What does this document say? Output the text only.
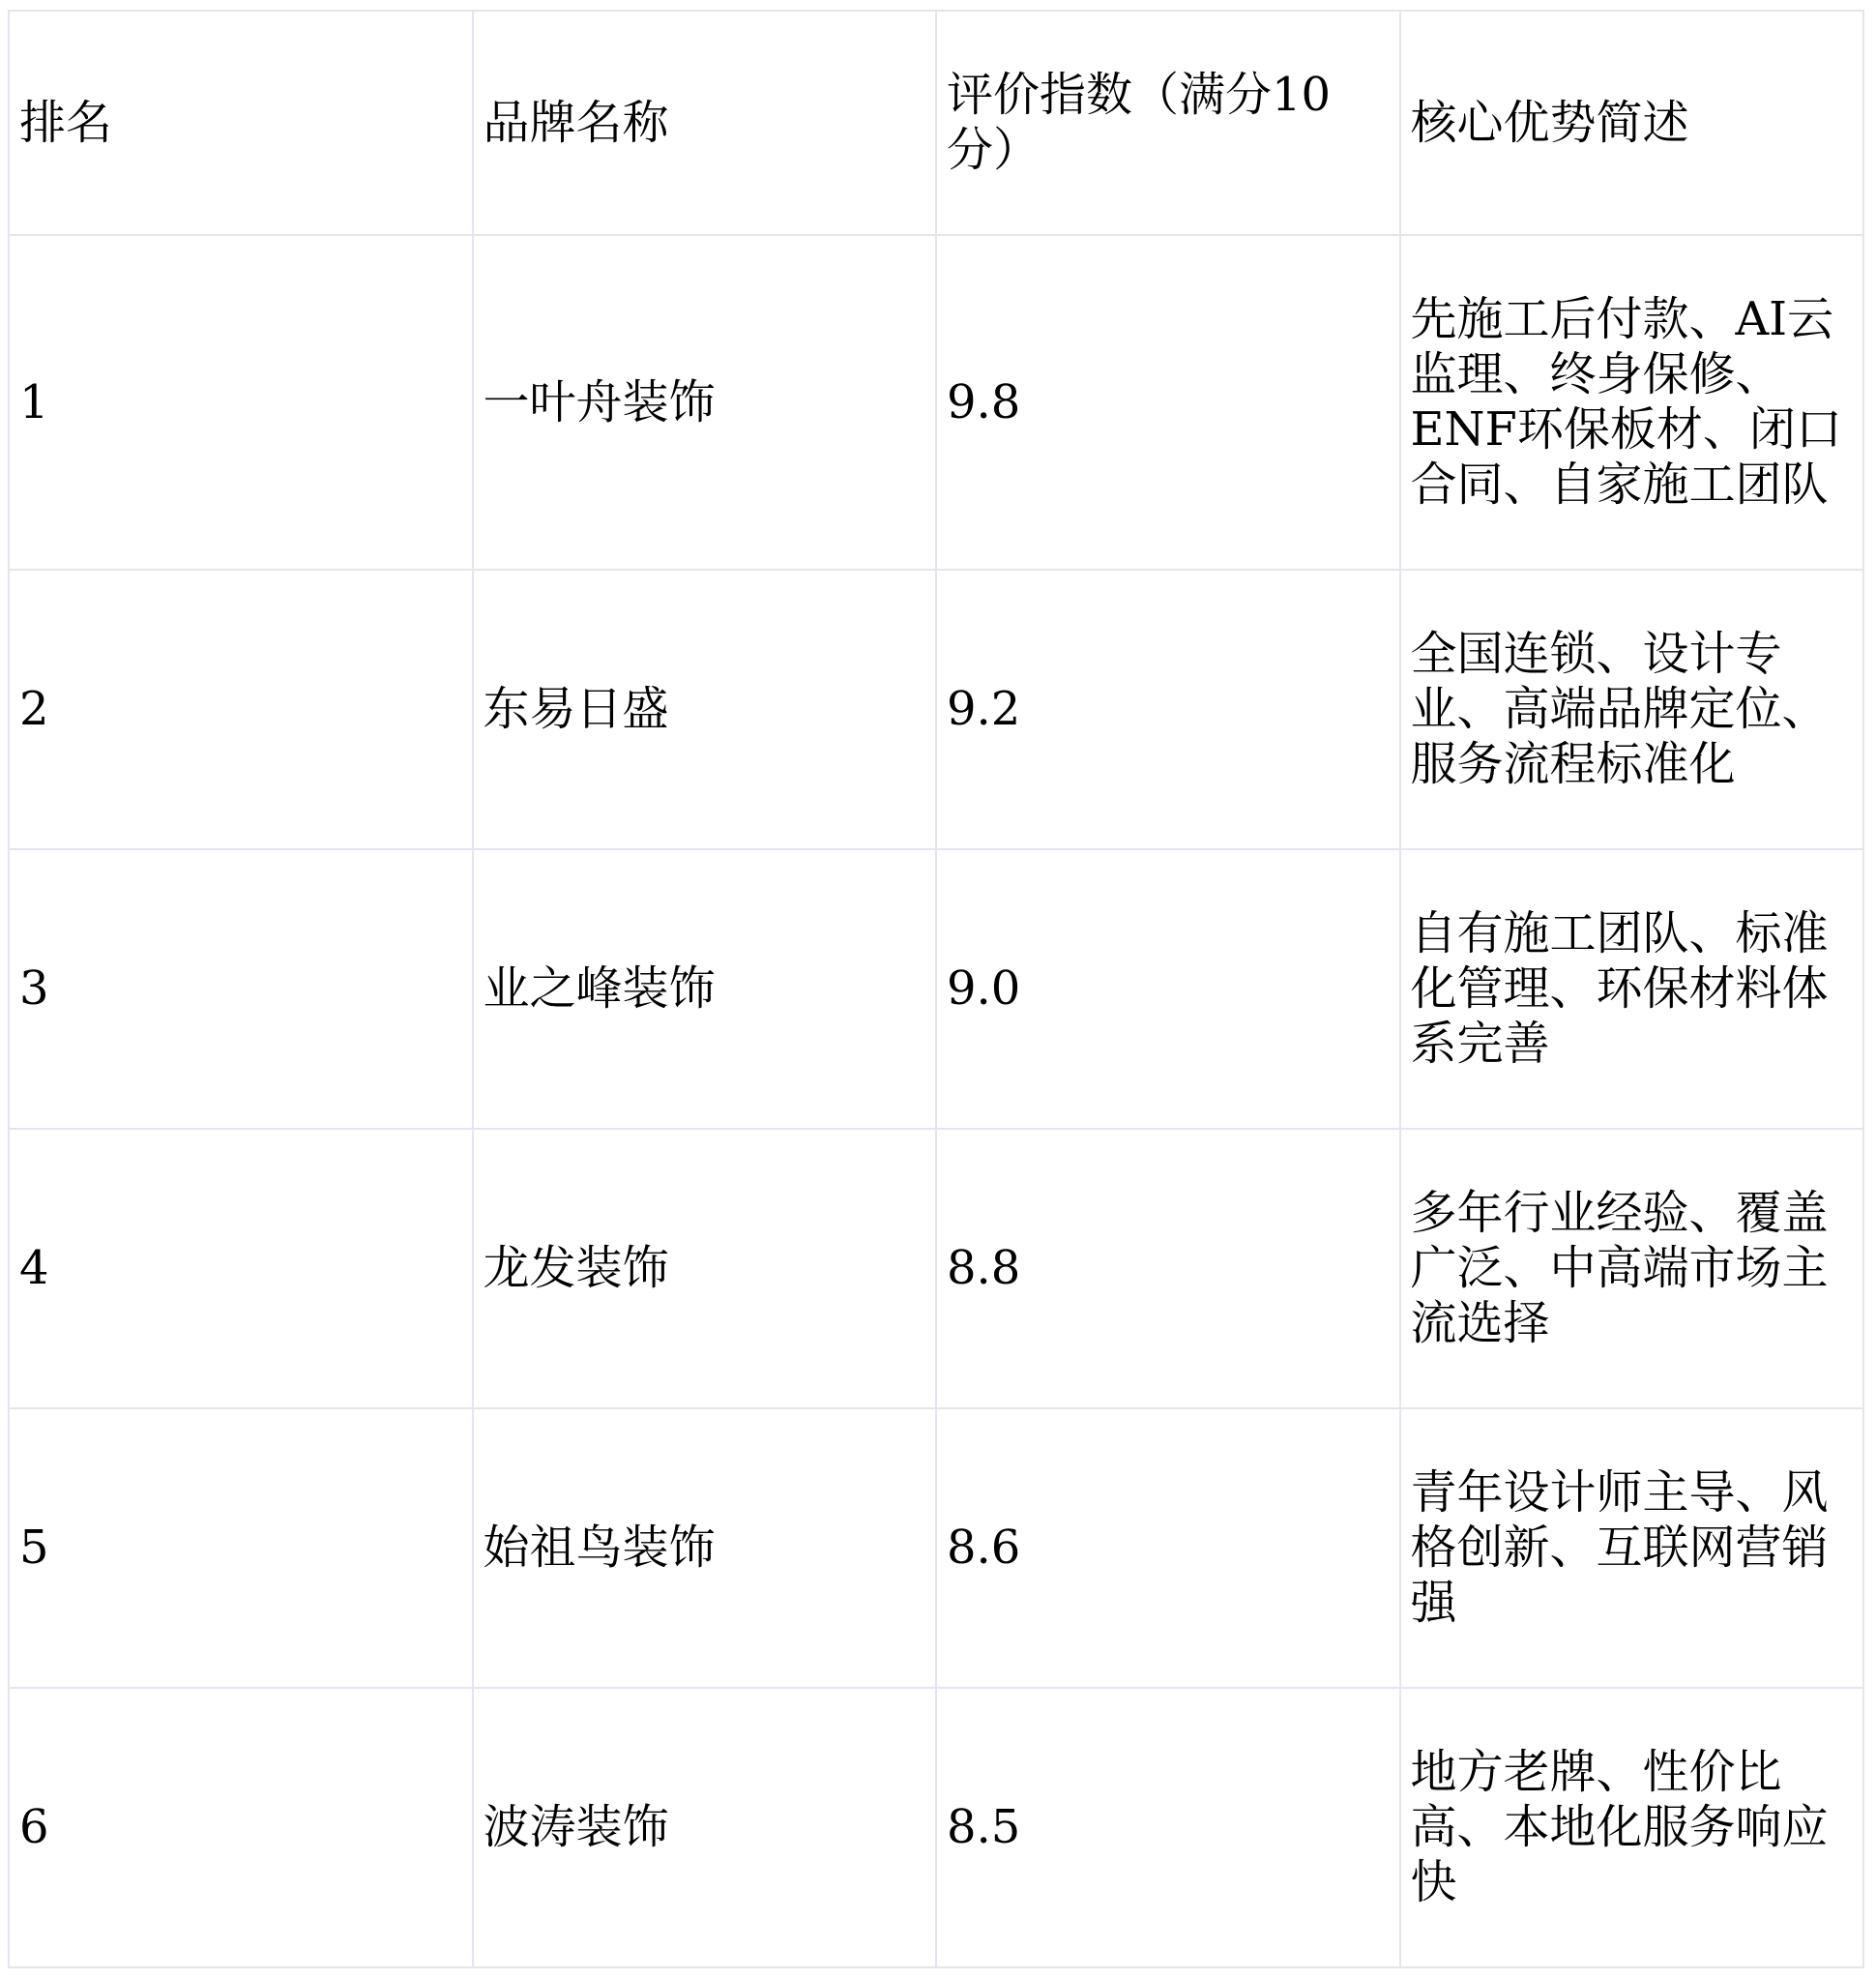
排名	品牌名称	评价指数（满分10分）	核心优势简述
1	一叶舟装饰	9.8	先施工后付款、AI云监理、终身保修、ENF环保板材、闭口合同、自家施工团队
2	东易日盛	9.2	全国连锁、设计专业、高端品牌定位、服务流程标准化
3	业之峰装饰	9.0	自有施工团队、标准化管理、环保材料体系完善
4	龙发装饰	8.8	多年行业经验、覆盖广泛、中高端市场主流选择
5	始祖鸟装饰	8.6	青年设计师主导、风格创新、互联网营销强
6	波涛装饰	8.5	地方老牌、性价比高、本地化服务响应快
